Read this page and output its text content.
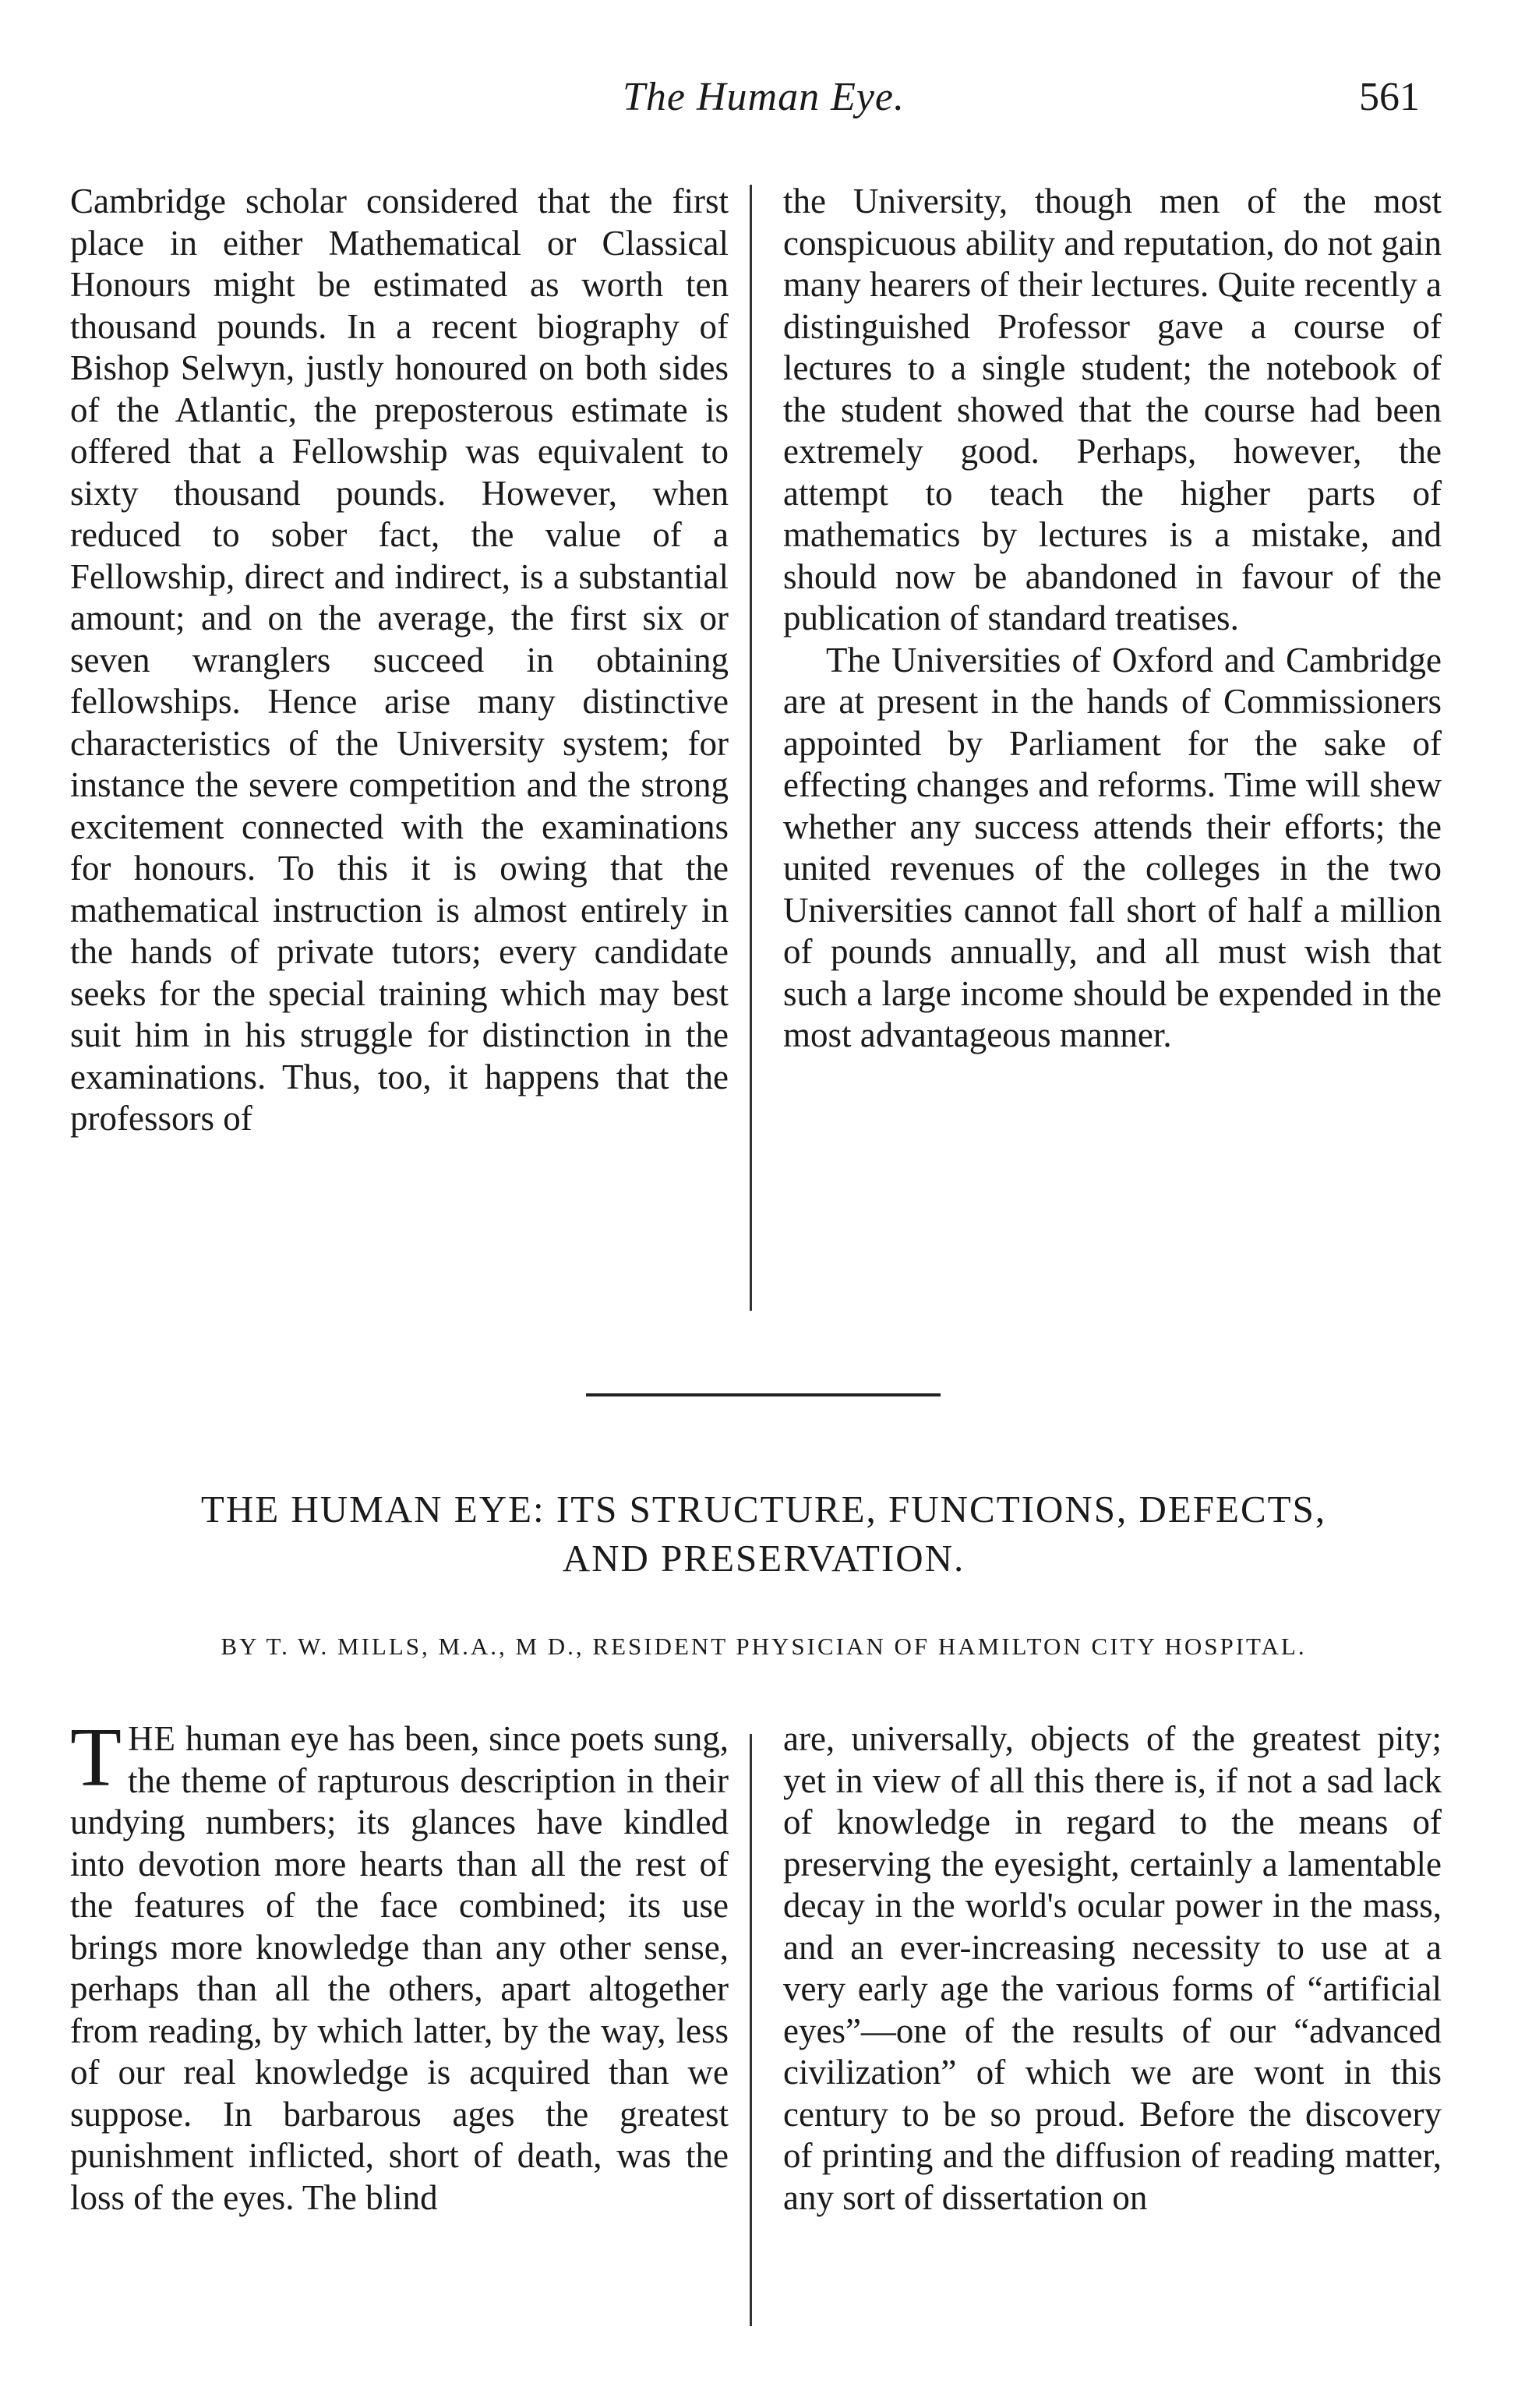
The Human Eye.	561

Cambridge scholar considered that the first place in either Mathematical or Classical Honours might be estimated as worth ten thousand pounds. In a recent biography of Bishop Selwyn, justly honoured on both sides of the Atlantic, the preposterous estimate is offered that a Fellowship was equivalent to sixty thousand pounds. However, when reduced to sober fact, the value of a Fellowship, direct and indirect, is a substantial amount; and on the average, the first six or seven wranglers succeed in obtaining fellowships. Hence arise many distinctive characteristics of the University system; for instance the severe competition and the strong excitement connected with the examinations for honours. To this it is owing that the mathematical instruction is almost entirely in the hands of private tutors; every candidate seeks for the special training which may best suit him in his struggle for distinction in the examinations. Thus, too, it happens that the professors of

the University, though men of the most conspicuous ability and reputation, do not gain many hearers of their lectures. Quite recently a distinguished Professor gave a course of lectures to a single student; the notebook of the student showed that the course had been extremely good. Perhaps, however, the attempt to teach the higher parts of mathematics by lectures is a mistake, and should now be abandoned in favour of the publication of standard treatises.

The Universities of Oxford and Cambridge are at present in the hands of Commissioners appointed by Parliament for the sake of effecting changes and reforms. Time will shew whether any success attends their efforts; the united revenues of the colleges in the two Universities cannot fall short of half a million of pounds annually, and all must wish that such a large income should be expended in the most advantageous manner.

THE HUMAN EYE: ITS STRUCTURE, FUNCTIONS, DEFECTS,
AND PRESERVATION.
BY T. W. MILLS, M.A., M D., RESIDENT PHYSICIAN OF HAMILTON CITY HOSPITAL.

THE human eye has been, since poets sung, the theme of rapturous description in their undying numbers; its glances have kindled into devotion more hearts than all the rest of the features of the face combined; its use brings more knowledge than any other sense, perhaps than all the others, apart altogether from reading, by which latter, by the way, less of our real knowledge is acquired than we suppose. In barbarous ages the greatest punishment inflicted, short of death, was the loss of the eyes. The blind

are, universally, objects of the greatest pity; yet in view of all this there is, if not a sad lack of knowledge in regard to the means of preserving the eyesight, certainly a lamentable decay in the world's ocular power in the mass, and an ever-increasing necessity to use at a very early age the various forms of “artificial eyes”—one of the results of our “advanced civilization” of which we are wont in this century to be so proud. Before the discovery of printing and the diffusion of reading matter, any sort of dissertation on
